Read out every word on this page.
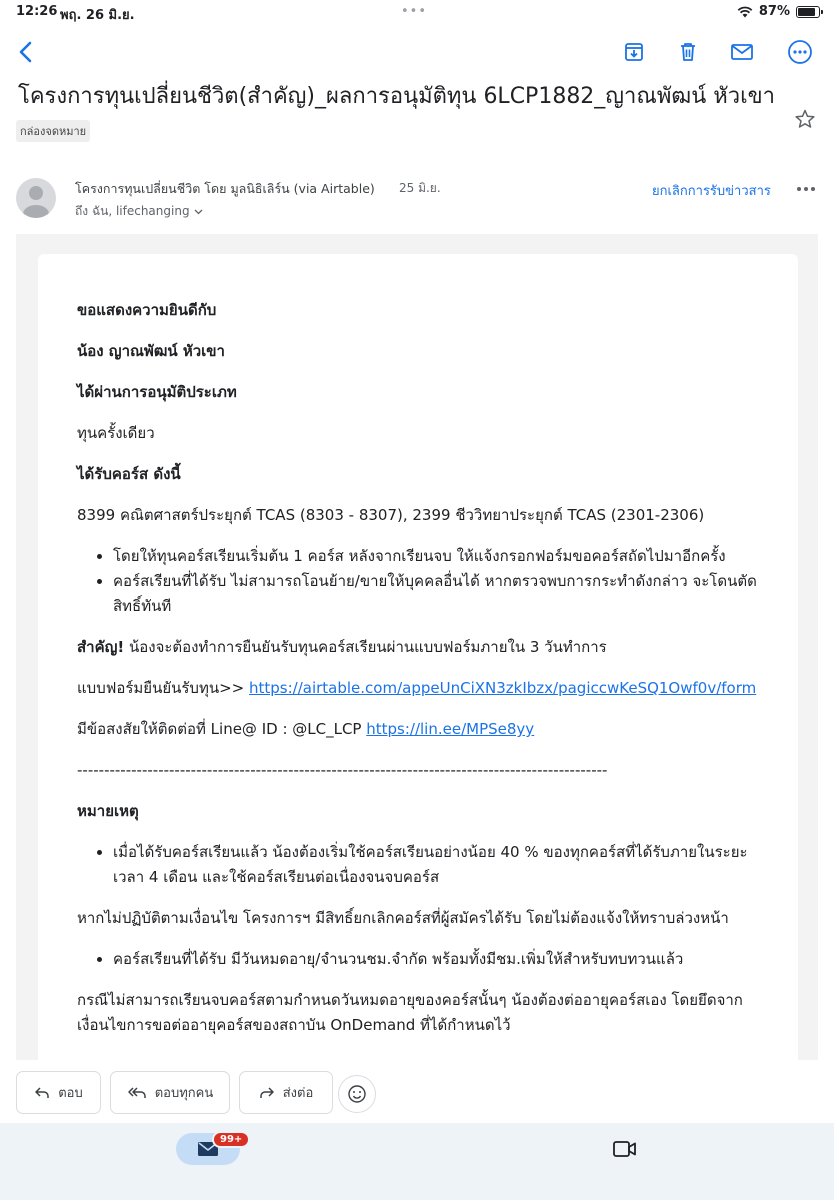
12:26 พฤ. 26 มิ.ย.	•••	87%
โครงการทุนเปลี่ยนชีวิต(สำคัญ)_ผลการอนุมัติทุน 6LCP1882_ญาณพัฒน์ หัวเขา
กล่องจดหมาย
โครงการทุนเปลี่ยนชีวิต โดย มูลนิธิเลิร์น (via Airtable) 25 มิ.ย.
ถึง ฉัน, lifechanging
ยกเลิกการรับข่าวสาร

ขอแสดงความยินดีกับ

น้อง ญาณพัฒน์ หัวเขา

ได้ผ่านการอนุมัติประเภท

ทุนครั้งเดียว

ได้รับคอร์ส ดังนี้

8399 คณิตศาสตร์ประยุกต์ TCAS (8303 - 8307), 2399 ชีววิทยาประยุกต์ TCAS (2301-2306)

• โดยให้ทุนคอร์สเรียนเริ่มต้น 1 คอร์ส หลังจากเรียนจบ ให้แจ้งกรอกฟอร์มขอคอร์สถัดไปมาอีกครั้ง
• คอร์สเรียนที่ได้รับ ไม่สามารถโอนย้าย/ขายให้บุคคลอื่นได้ หากตรวจพบการกระทำดังกล่าว จะโดนตัดสิทธิ์ทันที

สำคัญ! น้องจะต้องทำการยืนยันรับทุนคอร์สเรียนผ่านแบบฟอร์มภายใน 3 วันทำการ

แบบฟอร์มยืนยันรับทุน>> https://airtable.com/appeUnCiXN3zkIbzx/pagiccwKeSQ1Owf0v/form

มีข้อสงสัยให้ติดต่อที่ Line@ ID : @LC_LCP https://lin.ee/MPSe8yy

--------------------------------------------------------------------------------------------------

หมายเหตุ

• เมื่อได้รับคอร์สเรียนแล้ว น้องต้องเริ่มใช้คอร์สเรียนอย่างน้อย 40 % ของทุกคอร์สที่ได้รับภายในระยะเวลา 4 เดือน และใช้คอร์สเรียนต่อเนื่องจนจบคอร์ส

หากไม่ปฏิบัติตามเงื่อนไข โครงการฯ มีสิทธิ์ยกเลิกคอร์สที่ผู้สมัครได้รับ โดยไม่ต้องแจ้งให้ทราบล่วงหน้า

• คอร์สเรียนที่ได้รับ มีวันหมดอายุ/จำนวนชม.จำกัด พร้อมทั้งมีชม.เพิ่มให้สำหรับทบทวนแล้ว

กรณีไม่สามารถเรียนจบคอร์สตามกำหนดวันหมดอายุของคอร์สนั้นๆ น้องต้องต่ออายุคอร์สเอง โดยยึดจากเงื่อนไขการขอต่ออายุคอร์สของสถาบัน OnDemand ที่ได้กำหนดไว้

ตอบ	ตอบทุกคน	ส่งต่อ
99+
